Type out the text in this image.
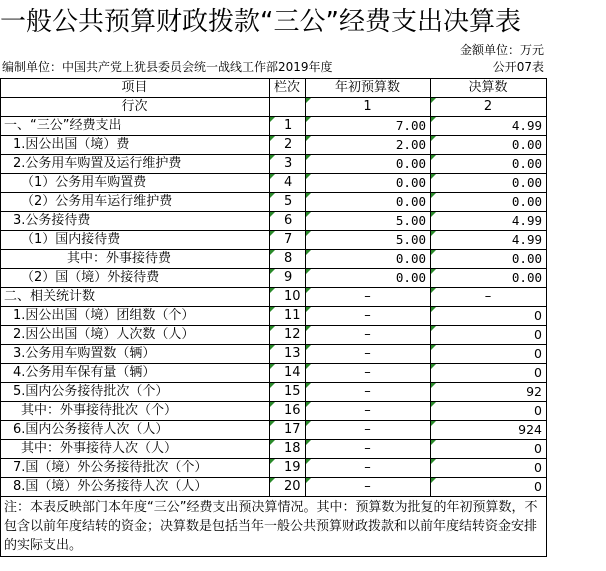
一般公共预算财政拨款“三公”经费支出决算表
金额单位：万元
编制单位：中国共产党上犹县委员会统一战线工作部2019年度	公开07表
项目	栏次	年初预算数	决算数
行次		1	2
一、“三公”经费支出	1	7.00	4.99
1.因公出国（境）费	2	2.00	0.00
2.公务用车购置及运行维护费	3	0.00	0.00
（1）公务用车购置费	4	0.00	0.00
（2）公务用车运行维护费	5	0.00	0.00
3.公务接待费	6	5.00	4.99
（1）国内接待费	7	5.00	4.99
其中：外事接待费	8	0.00	0.00
（2）国（境）外接待费	9	0.00	0.00
二、相关统计数	10	–	–
1.因公出国（境）团组数（个）	11	–	0
2.因公出国（境）人次数（人）	12	–	0
3.公务用车购置数（辆）	13	–	0
4.公务用车保有量（辆）	14	–	0
5.国内公务接待批次（个）	15	–	92
其中：外事接待批次（个）	16	–	0
6.国内公务接待人次（人）	17	–	924
其中：外事接待人次（人）	18	–	0
7.国（境）外公务接待批次（个）	19	–	0
8.国（境）外公务接待人次（人）	20	–	0
注：本表反映部门本年度“三公”经费支出预决算情况。其中：预算数为批复的年初预算数，不包含以前年度结转的资金；决算数是包括当年一般公共预算财政拨款和以前年度结转资金安排的实际支出。			
